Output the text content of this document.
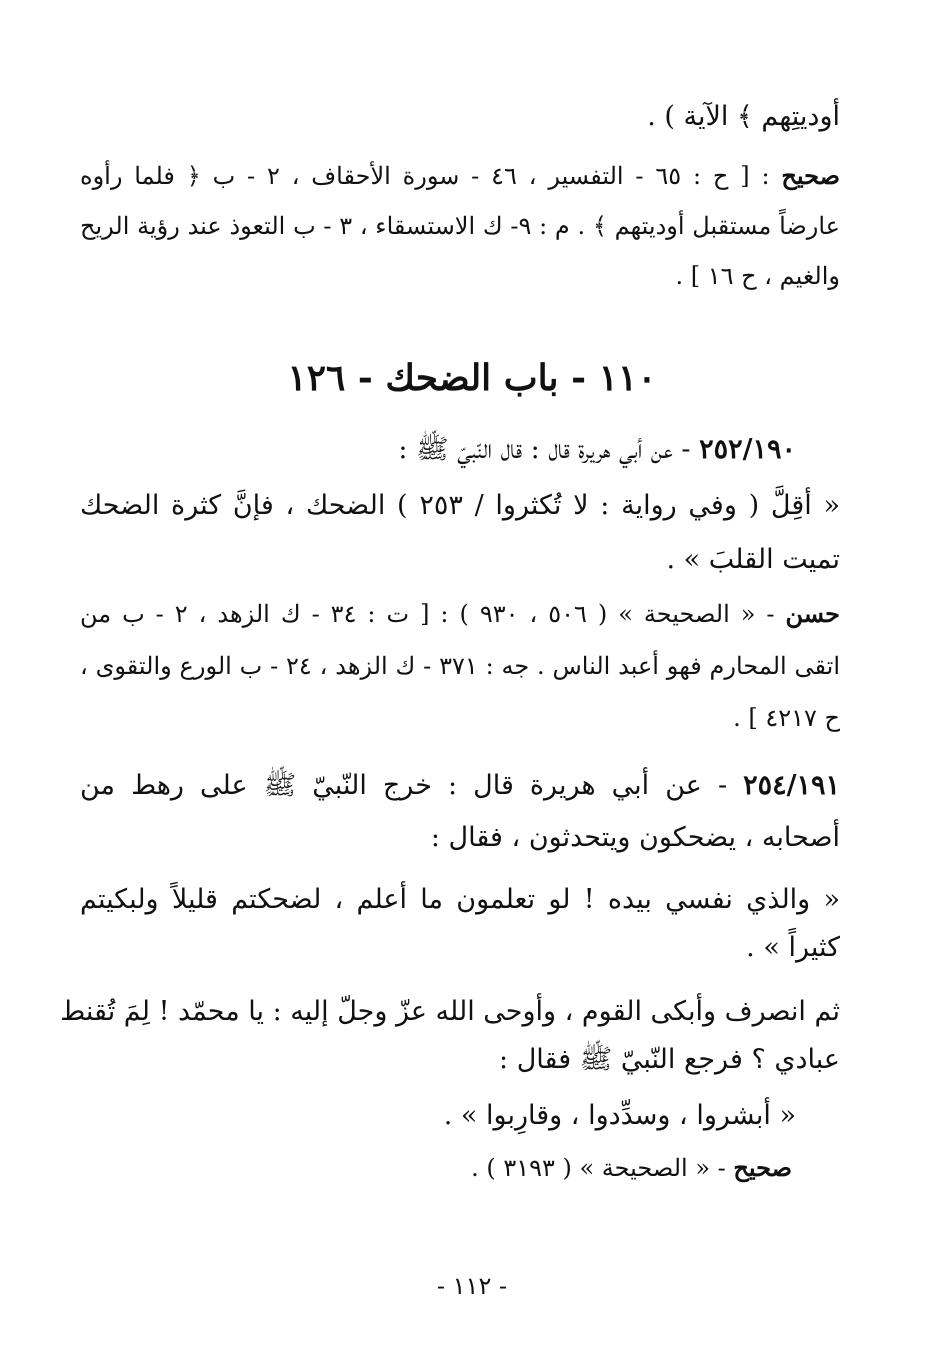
أوديتِهم ﴾ الآية ) .
صحيح : [ ح : ٦٥ - التفسير ، ٤٦ - سورة الأحقاف ، ٢ - ب ﴿ فلما رأوه
عارضاً مستقبل أوديتهم ﴾ . م : ٩- ك الاستسقاء ، ٣ - ب التعوذ عند رؤية الريح
والغيم ، ح ١٦ ] .
١١٠ - باب الضحك - ١٢٦
٢٥٢/١٩٠ - عن أبي هريرة قال : قال النّبيّ ﷺ :
« أقِلَّ ( وفي رواية : لا تُكثروا / ٢٥٣ ) الضحك ، فإنَّ كثرة الضحك
تميت القلبَ » .
حسن - « الصحيحة » ( ٥٠٦ ، ٩٣٠ ) : [ ت : ٣٤ - ك الزهد ، ٢ - ب من
اتقى المحارم فهو أعبد الناس . جه : ٣٧١ - ك الزهد ، ٢٤ - ب الورع والتقوى ،
ح ٤٢١٧ ] .
٢٥٤/١٩١ - عن أبي هريرة قال : خرج النّبيّ ﷺ على رهط من
أصحابه ، يضحكون ويتحدثون ، فقال :
« والذي نفسي بيده ! لو تعلمون ما أعلم ، لضحكتم قليلاً ولبكيتم
كثيراً » .
ثم انصرف وأبكى القوم ، وأوحى الله عزّ وجلّ إليه : يا محمّد ! لِمَ تُقنط
عبادي ؟ فرجع النّبيّ ﷺ فقال :
« أبشروا ، وسدِّدوا ، وقارِبوا » .
صحيح - « الصحيحة » ( ٣١٩٣ ) .
- ١١٢ -
